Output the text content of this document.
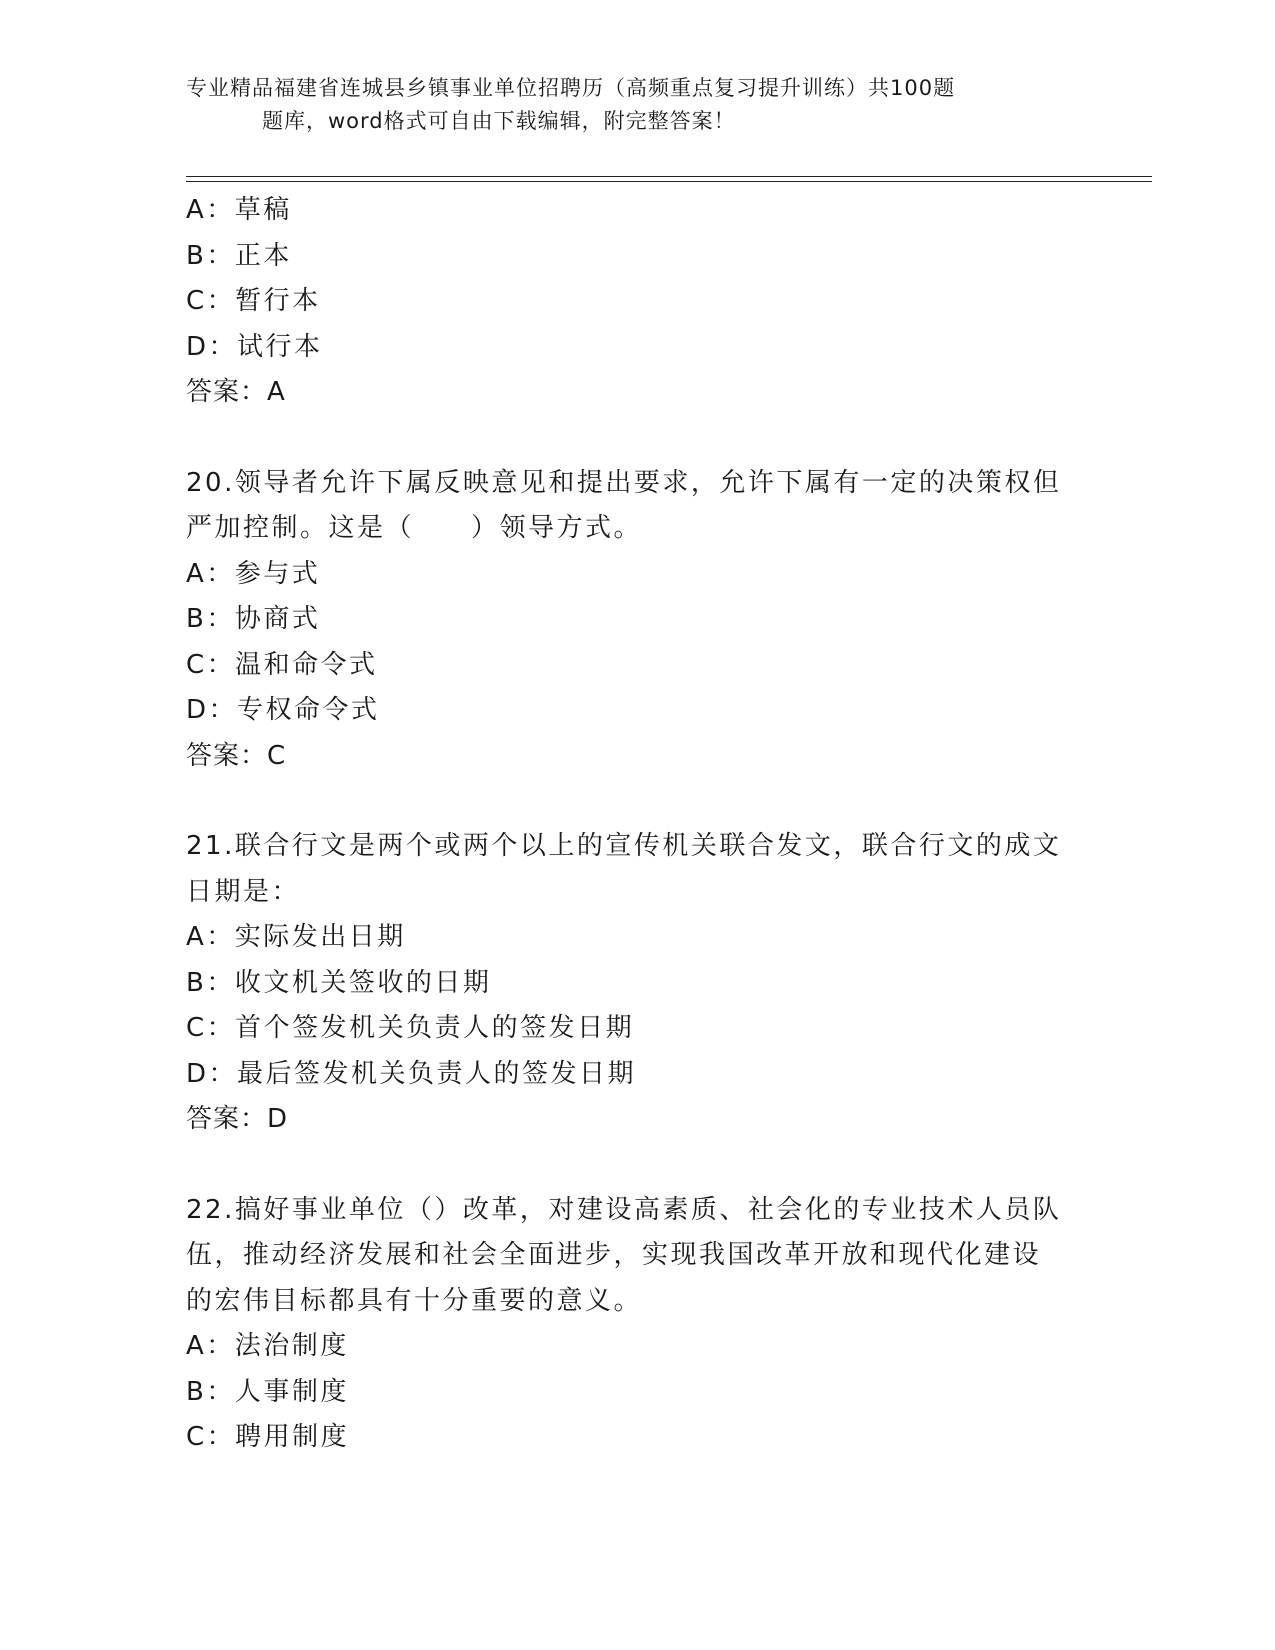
专业精品福建省连城县乡镇事业单位招聘历（高频重点复习提升训练）共100题
题库，word格式可自由下载编辑，附完整答案！
A：草稿
B：正本
C：暂行本
D：试行本
答案：A
20.领导者允许下属反映意见和提出要求，允许下属有一定的决策权但
严加控制。这是（　　）领导方式。
A：参与式
B：协商式
C：温和命令式
D：专权命令式
答案：C
21.联合行文是两个或两个以上的宣传机关联合发文，联合行文的成文
日期是：
A：实际发出日期
B：收文机关签收的日期
C：首个签发机关负责人的签发日期
D：最后签发机关负责人的签发日期
答案：D
22.搞好事业单位（）改革，对建设高素质、社会化的专业技术人员队
伍，推动经济发展和社会全面进步，实现我国改革开放和现代化建设
的宏伟目标都具有十分重要的意义。
A：法治制度
B：人事制度
C：聘用制度
